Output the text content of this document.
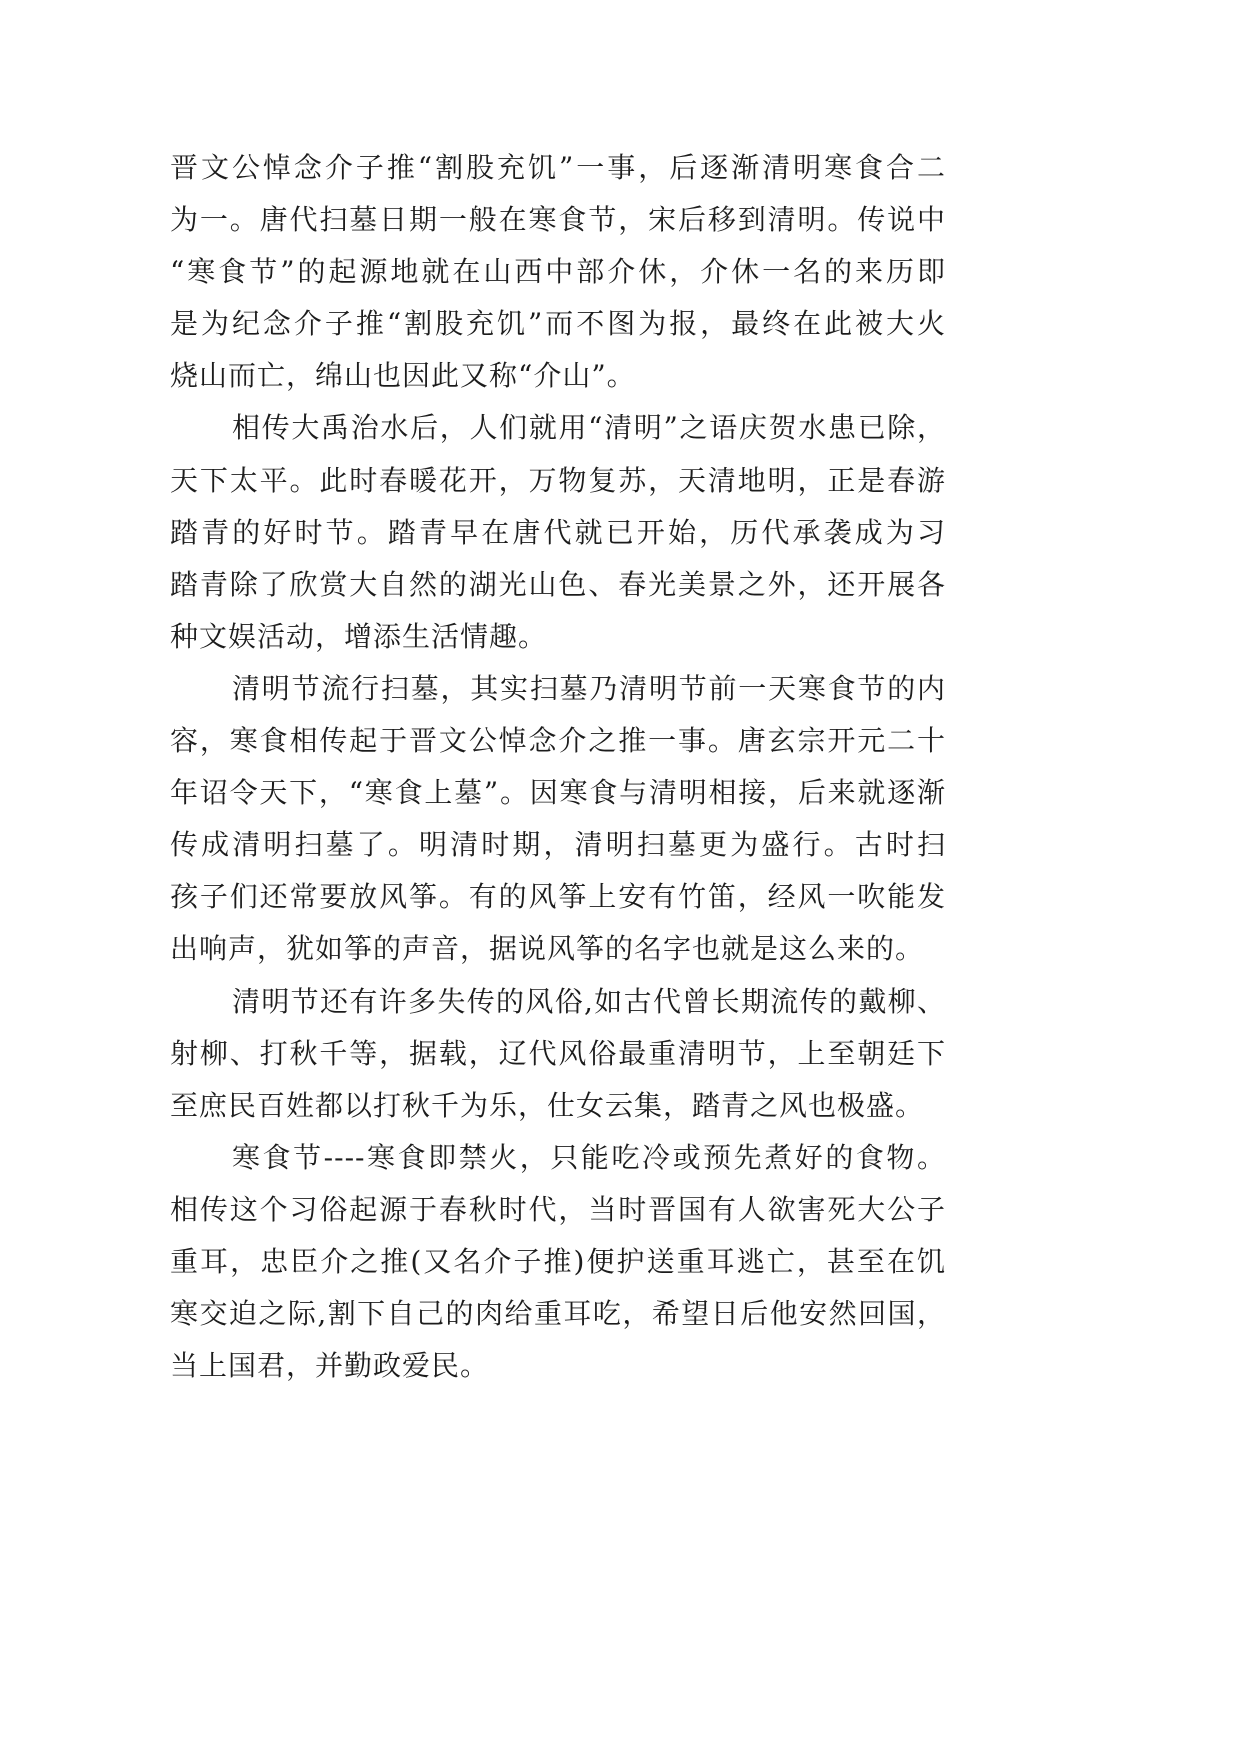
晋文公悼念介子推“割股充饥”一事，后逐渐清明寒食合二
为一。唐代扫墓日期一般在寒食节，宋后移到清明。传说中
“寒食节”的起源地就在山西中部介休，介休一名的来历即
是为纪念介子推“割股充饥”而不图为报，最终在此被大火
烧山而亡，绵山也因此又称“介山”。
相传大禹治水后，人们就用“清明”之语庆贺水患已除，
天下太平。此时春暖花开，万物复苏，天清地明，正是春游
踏青的好时节。踏青早在唐代就已开始，历代承袭成为习
踏青除了欣赏大自然的湖光山色、春光美景之外，还开展各
种文娱活动，增添生活情趣。
清明节流行扫墓，其实扫墓乃清明节前一天寒食节的内
容，寒食相传起于晋文公悼念介之推一事。唐玄宗开元二十
年诏令天下，“寒食上墓”。因寒食与清明相接，后来就逐渐
传成清明扫墓了。明清时期，清明扫墓更为盛行。古时扫
孩子们还常要放风筝。有的风筝上安有竹笛，经风一吹能发
出响声，犹如筝的声音，据说风筝的名字也就是这么来的。
清明节还有许多失传的风俗,如古代曾长期流传的戴柳、
射柳、打秋千等，据载，辽代风俗最重清明节，上至朝廷下
至庶民百姓都以打秋千为乐，仕女云集，踏青之风也极盛。
寒食节----寒食即禁火，只能吃冷或预先煮好的食物。
相传这个习俗起源于春秋时代，当时晋国有人欲害死大公子
重耳，忠臣介之推(又名介子推)便护送重耳逃亡，甚至在饥
寒交迫之际,割下自己的肉给重耳吃，希望日后他安然回国，
当上国君，并勤政爱民。
